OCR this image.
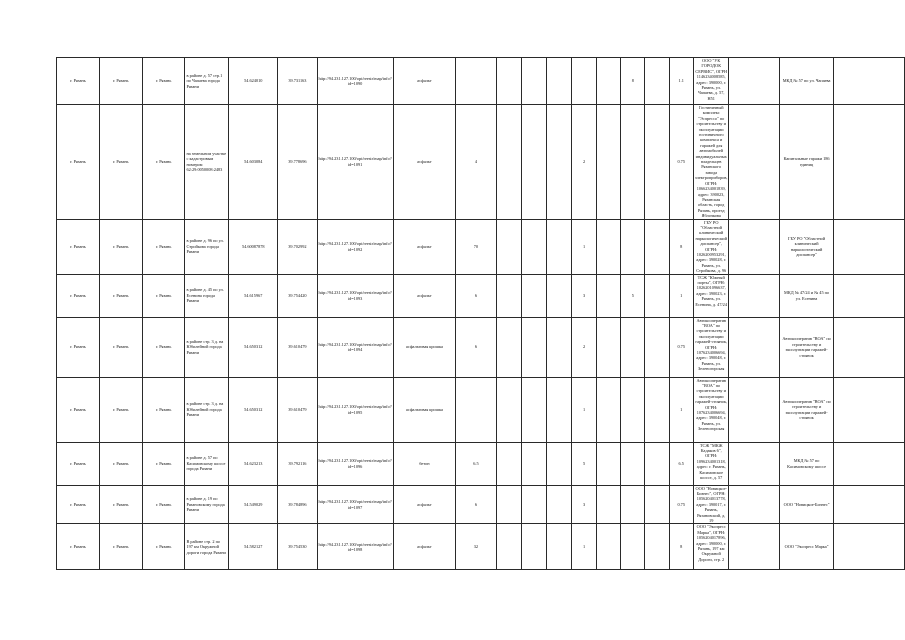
г. Рязань	г. Рязань	г. Рязань	в районе д. 57 стр.1 по Чапаева города Рязани	54.624010	39.731163	http://94.231.127.100/opt/reestr/map/info?id=1090	асфальт							8		1.1	ООО "УК ГОРОДОК СЕРВИС", ОГРН 1146234008585, адрес: 390000, г. Рязань, ул. Чапаева, д. 57, Н51		МКД № 57 по ул. Чапаева	
г. Рязань	г. Рязань	г. Рязань	на земельном участке с кадастровым номером 62:29:0050008:2483	54.603084	39.778696	http://94.231.127.100/opt/reestr/map/info?id=1091	асфальт	4				2				0.75	Гостиничный комплекс "Эспрессо" по строительству и эксплуатации гостиничного комплекса и гаражей для автомобилей индивидуальных владельцев Рязанского завода электроприборов, ОГРН: 1066234001839, адрес: 390023, Рязанская область, город Рязань, проезд Яблочкова		Капитальные гаражи 186 единиц	
г. Рязань	г. Рязань	г. Рязань	в районе д. 96 по ул. Стройкова города Рязани	54.60087878	39.702992	http://94.231.127.100/opt/reestr/map/info?id=1092	асфальт	70				1				8	ГБУ РО "Областной клинический наркологический диспансер", ОГРН: 1026200953291, адрес: 390028, г. Рязань, ул. Стройкова, д. 96		ГБУ РО "Областной клинический наркологический диспансер"	
г. Рязань	г. Рязань	г. Рязань	в районе д. 45 по ул. Есенина города Рязани	54.615967	39.754420	http://94.231.127.100/opt/reestr/map/info?id=1093	асфальт	6				3		5		1	ТСЖ "Южный порты", ОГРН: 1026201096637, адрес: 390023, г. Рязань, ул. Есенина, д. 47/24		МКД № 47/24 и № 45 по ул. Есенина	
г. Рязань	г. Рязань	г. Рязань	в районе стр. 3 д. на Юбилейной города Рязани	54.650312	39.610479	http://94.231.127.100/opt/reestr/map/info?id=1094	асфальтовая крошка	6				2				0.75	Автокооператив "ВОА" по строительству и эксплуатации гаражей-стоянок, ОГРН: 1076234006694, адрес: 390048, г. Рязань, ул. Зеленогорская		Автокооператив "ВОА" по строительству и эксплуатации гаражей-стоянок	
г. Рязань	г. Рязань	г. Рязань	в районе стр. 3 д. на Юбилейной города Рязани	54.650312	39.610479	http://94.231.127.100/opt/reestr/map/info?id=1095	асфальтовая крошка					1				1	Автокооператив "ВОА" по строительству и эксплуатации гаражей-стоянок, ОГРН: 1076234006694, адрес: 390048, г. Рязань, ул. Зеленогорская		Автокооператив "ВОА" по строительству и эксплуатации гаражей-стоянок	
г. Рязань	г. Рязань	г. Рязань	в районе д. 57 по Касимовскому шоссе города Рязани	54.623213	39.792116	http://94.231.127.100/opt/reestr/map/info?id=1096	бетон	6.5				5				6.5	ТСЖ "МКЖ Кадаков 6", ОГРН: 1096234001318, адрес: г. Рязань, Касимовское шоссе, д. 57		МКД № 57 по Касимовскому шоссе	
г. Рязань	г. Рязань	г. Рязань	в районе д. 19 по Рязановскому города Рязани	54.549029	39.784896	http://94.231.127.100/opt/reestr/map/info?id=1097	асфальт	6				3				0.75	ООО "Новицкое-Бизнес", ОГРН: 1056204013778, адрес: 390017, г. Рязань, Рязановский, д. 19		ООО "Новицкое-Бизнес"	
г. Рязань	г. Рязань	г. Рязань	В районе стр. 2 по 197 км Окружной дороги города Рязани	54.582127	39.754530	http://94.231.127.100/opt/reestr/map/info?id=1098	асфальт	32				1				8	ООО "Экспресс Марка", ОГРН: 1056204017896, адрес: 390000, г. Рязань, 197 км Окружной Дороги, стр. 2		ООО "Экспресс Марка"	
